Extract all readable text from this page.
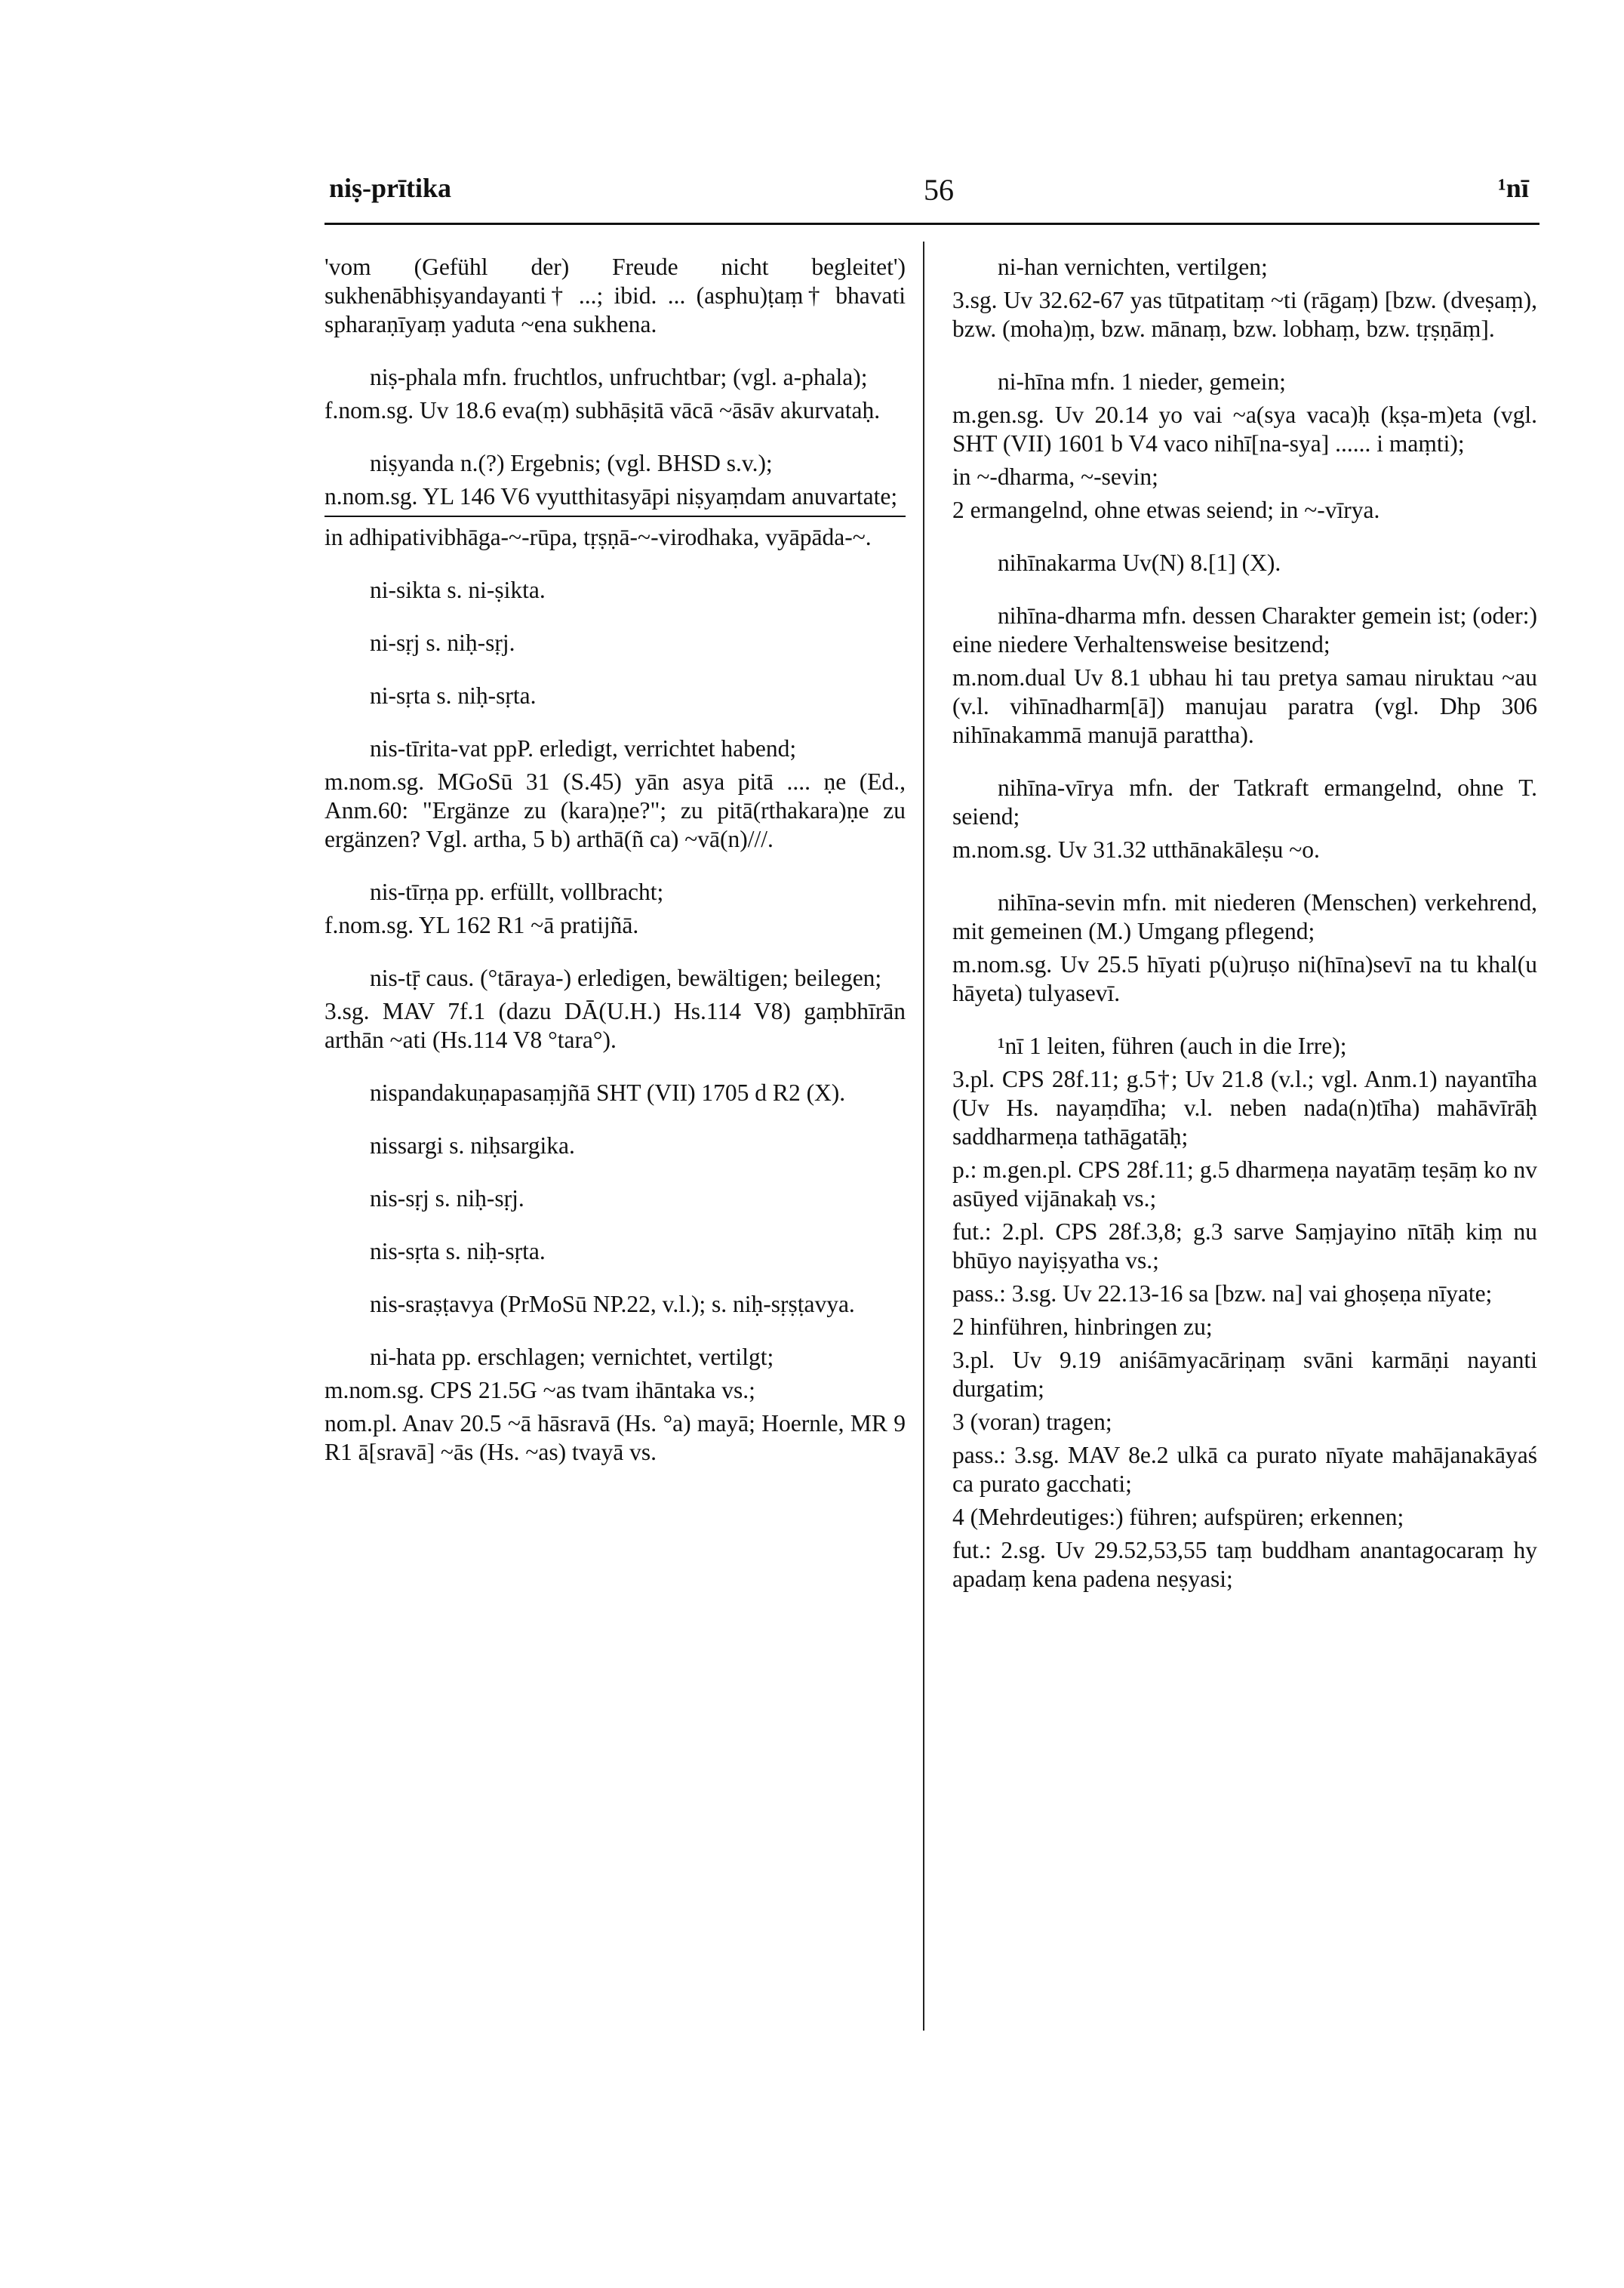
niṣ-prītika	56	¹nī

'vom (Gefühl der) Freude nicht begleitet') sukhenābhiṣyandayanti† ...; ibid. ... (asphu)ṭaṃ† bhavati spharaṇīyaṃ yaduta ~ena sukhena.

niṣ-phala mfn. fruchtlos, unfruchtbar; (vgl. a-phala);

f.nom.sg. Uv 18.6 eva(ṃ) subhāṣitā vācā ~āsāv akurvataḥ.

niṣyanda n.(?) Ergebnis; (vgl. BHSD s.v.);

n.nom.sg. YL 146 V6 vyutthitasyāpi niṣyaṃdam anuvartate;

in adhipativibhāga-~-rūpa, tṛṣṇā-~-virodhaka, vyāpāda-~.

ni-sikta s. ni-ṣikta.

ni-sṛj s. niḥ-sṛj.

ni-sṛta s. niḥ-sṛta.

nis-tīrita-vat ppP. erledigt, verrichtet habend;

m.nom.sg. MGoSū 31 (S.45) yān asya pitā .... ṇe (Ed., Anm.60: "Ergänze zu (kara)ṇe?"; zu pitā(rthakara)ṇe zu ergänzen? Vgl. artha, 5 b) arthā(ñ ca) ~vā(n)///.

nis-tīrṇa pp. erfüllt, vollbracht;

f.nom.sg. YL 162 R1 ~ā pratijñā.

nis-tṝ caus. (°tāraya-) erledigen, bewältigen; beilegen;

3.sg. MAV 7f.1 (dazu DĀ(U.H.) Hs.114 V8) gaṃbhīrān arthān ~ati (Hs.114 V8 °tara°).

nispandakuṇapasaṃjñā SHT (VII) 1705 d R2 (X).

nissargi s. niḥsargika.

nis-sṛj s. niḥ-sṛj.

nis-sṛta s. niḥ-sṛta.

nis-sraṣṭavya (PrMoSū NP.22, v.l.); s. niḥ-sṛṣṭavya.

ni-hata pp. erschlagen; vernichtet, vertilgt;

m.nom.sg. CPS 21.5G ~as tvam ihāntaka vs.;

nom.pl. Anav 20.5 ~ā hāsravā (Hs. °a) mayā; Hoernle, MR 9 R1 ā[sravā] ~ās (Hs. ~as) tvayā vs.

ni-han vernichten, vertilgen;

3.sg. Uv 32.62-67 yas tūtpatitaṃ ~ti (rāgaṃ) [bzw. (dveṣaṃ), bzw. (moha)ṃ, bzw. mānaṃ, bzw. lobhaṃ, bzw. tṛṣṇāṃ].

ni-hīna mfn. 1 nieder, gemein;

m.gen.sg. Uv 20.14 yo vai ~a(sya vaca)ḥ (kṣa-m)eta (vgl. SHT (VII) 1601 b V4 vaco nihī[na-sya] ...... i maṃti);

in ~-dharma, ~-sevin;

2 ermangelnd, ohne etwas seiend; in ~-vīrya.

nihīnakarma Uv(N) 8.[1] (X).

nihīna-dharma mfn. dessen Charakter gemein ist; (oder:) eine niedere Verhaltensweise besitzend;

m.nom.dual Uv 8.1 ubhau hi tau pretya samau niruktau ~au (v.l. vihīnadharm[ā]) manujau paratra (vgl. Dhp 306 nihīnakammā manujā parattha).

nihīna-vīrya mfn. der Tatkraft ermangelnd, ohne T. seiend;

m.nom.sg. Uv 31.32 utthānakāleṣu ~o.

nihīna-sevin mfn. mit niederen (Menschen) verkehrend, mit gemeinen (M.) Umgang pflegend;

m.nom.sg. Uv 25.5 hīyati p(u)ruṣo ni(hīna)sevī na tu khal(u hāyeta) tulyasevī.

¹nī 1 leiten, führen (auch in die Irre);

3.pl. CPS 28f.11; g.5†; Uv 21.8 (v.l.; vgl. Anm.1) nayantīha (Uv Hs. nayaṃdīha; v.l. neben nada(n)tīha) mahāvīrāḥ saddharmeṇa tathāgatāḥ;

p.: m.gen.pl. CPS 28f.11; g.5 dharmeṇa nayatāṃ teṣāṃ ko nv asūyed vijānakaḥ vs.;

fut.: 2.pl. CPS 28f.3,8; g.3 sarve Saṃjayino nītāḥ kiṃ nu bhūyo nayiṣyatha vs.;

pass.: 3.sg. Uv 22.13-16 sa [bzw. na] vai ghoṣeṇa nīyate;

2 hinführen, hinbringen zu;

3.pl. Uv 9.19 aniśāmyacāriṇaṃ svāni karmāṇi nayanti durgatim;

3 (voran) tragen;

pass.: 3.sg. MAV 8e.2 ulkā ca purato nīyate mahājanakāyaś ca purato gacchati;

4 (Mehrdeutiges:) führen; aufspüren; erkennen;

fut.: 2.sg. Uv 29.52,53,55 taṃ buddham anantagocaraṃ hy apadaṃ kena padena neṣyasi;
